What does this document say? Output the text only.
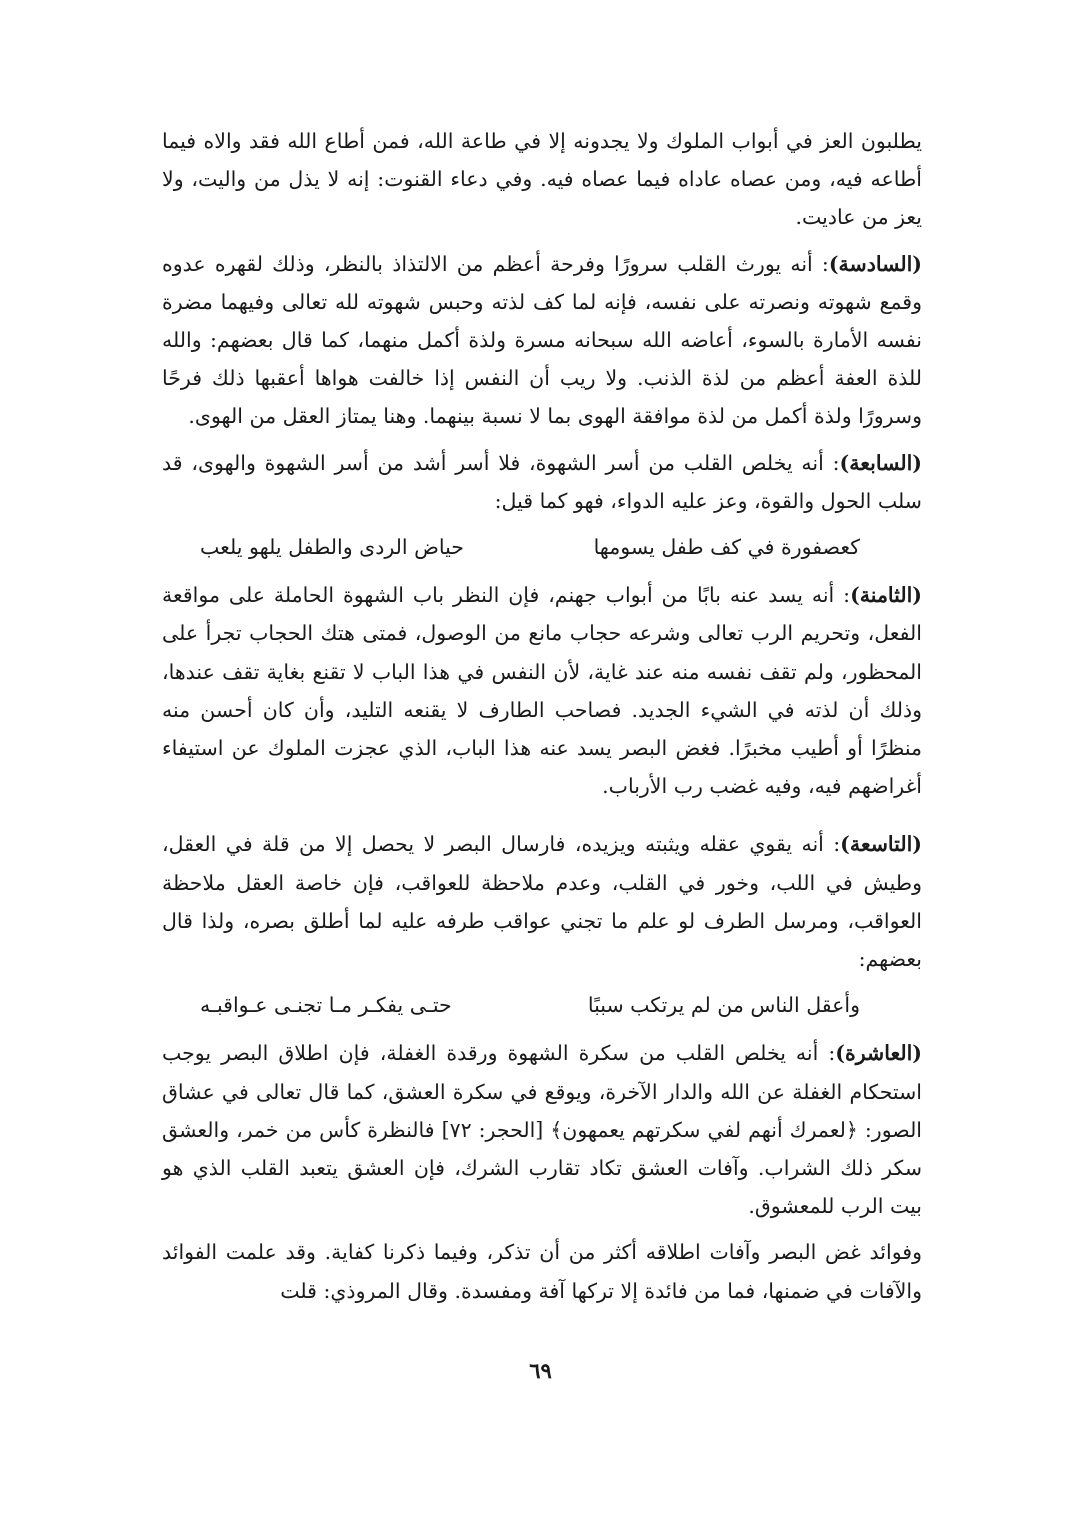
يطلبون العز في أبواب الملوك ولا يجدونه إلا في طاعة الله، فمن أطاع الله فقد والاه فيما أطاعه فيه، ومن عصاه عاداه فيما عصاه فيه. وفي دعاء القنوت: إنه لا يذل من واليت، ولا يعز من عاديت.

(السادسة): أنه يورث القلب سرورًا وفرحة أعظم من الالتذاذ بالنظر، وذلك لقهره عدوه وقمع شهوته ونصرته على نفسه، فإنه لما كف لذته وحبس شهوته لله تعالى وفيهما مضرة نفسه الأمارة بالسوء، أعاضه الله سبحانه مسرة ولذة أكمل منهما، كما قال بعضهم: والله للذة العفة أعظم من لذة الذنب. ولا ريب أن النفس إذا خالفت هواها أعقبها ذلك فرحًا وسرورًا ولذة أكمل من لذة موافقة الهوى بما لا نسبة بينهما. وهنا يمتاز العقل من الهوى.

(السابعة): أنه يخلص القلب من أسر الشهوة، فلا أسر أشد من أسر الشهوة والهوى، قد سلب الحول والقوة، وعز عليه الدواء، فهو كما قيل:

كعصفورة في كف طفل يسومها
حياض الردى والطفل يلهو يلعب

(الثامنة): أنه يسد عنه بابًا من أبواب جهنم، فإن النظر باب الشهوة الحاملة على مواقعة الفعل، وتحريم الرب تعالى وشرعه حجاب مانع من الوصول، فمتى هتك الحجاب تجرأ على المحظور، ولم تقف نفسه منه عند غاية، لأن النفس في هذا الباب لا تقنع بغاية تقف عندها، وذلك أن لذته في الشيء الجديد. فصاحب الطارف لا يقنعه التليد، وأن كان أحسن منه منظرًا أو أطيب مخبرًا. فغض البصر يسد عنه هذا الباب، الذي عجزت الملوك عن استيفاء أغراضهم فيه، وفيه غضب رب الأرباب.

(التاسعة): أنه يقوي عقله ويثبته ويزيده، فارسال البصر لا يحصل إلا من قلة في العقل، وطيش في اللب، وخور في القلب، وعدم ملاحظة للعواقب، فإن خاصة العقل ملاحظة العواقب، ومرسل الطرف لو علم ما تجني عواقب طرفه عليه لما أطلق بصره، ولذا قال بعضهم:

وأعقل الناس من لم يرتكب سببًا
حتـى يفكـر مـا تجنـى عـواقبـه

(العاشرة): أنه يخلص القلب من سكرة الشهوة ورقدة الغفلة، فإن اطلاق البصر يوجب استحكام الغفلة عن الله والدار الآخرة، ويوقع في سكرة العشق، كما قال تعالى في عشاق الصور: ﴿لعمرك أنهم لفي سكرتهم يعمهون﴾ [الحجر: ٧٢] فالنظرة كأس من خمر، والعشق سكر ذلك الشراب. وآفات العشق تكاد تقارب الشرك، فإن العشق يتعبد القلب الذي هو بيت الرب للمعشوق.

وفوائد غض البصر وآفات اطلاقه أكثر من أن تذكر، وفيما ذكرنا كفاية. وقد علمت الفوائد والآفات في ضمنها، فما من فائدة إلا تركها آفة ومفسدة. وقال المروذي: قلت

٦٩
